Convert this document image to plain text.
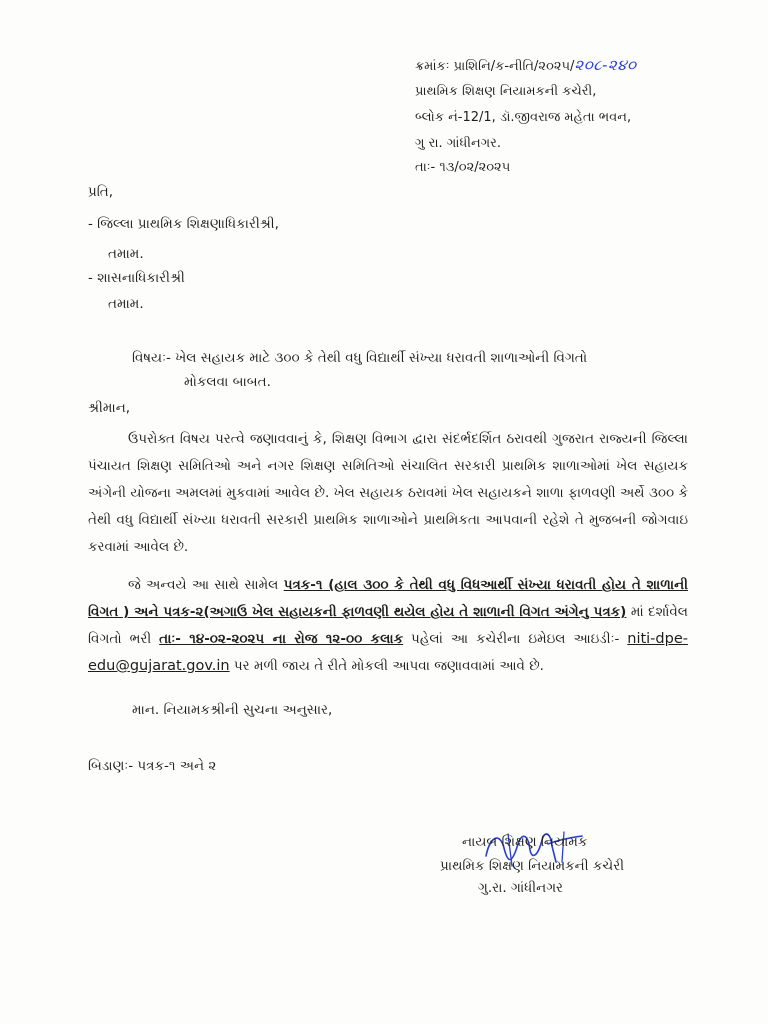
ક્રમાંકઃ પ્રાશિનિ/ક-નીતિ/૨૦૨૫/૨૦૮-૨૪૦
પ્રાથમિક શિક્ષણ નિયામકની કચેરી,
બ્લોક નં-12/1, ડૉ.જીવરાજ મહેતા ભવન,
ગુ રા. ગાંધીનગર.
તાઃ- ૧૩/૦૨/૨૦૨૫
પ્રતિ,
- જિલ્લા પ્રાથમિક શિક્ષણાધિકારીશ્રી,
તમામ.
- શાસનાધિકારીશ્રી
તમામ.
વિષયઃ- ખેલ સહાયક માટે ૩૦૦ કે તેથી વધુ વિદ્યાર્થી સંખ્યા ધરાવતી શાળાઓની વિગતો
મોકલવા બાબત.
શ્રીમાન,
ઉપરોક્ત વિષય પરત્વે જણાવવાનું કે, શિક્ષણ વિભાગ દ્વારા સંદર્ભદર્શિત ઠરાવથી ગુજરાત રાજ્યની જિલ્લા પંચાયત શિક્ષણ સમિતિઓ અને નગર શિક્ષણ સમિતિઓ સંચાલિત સરકારી પ્રાથમિક શાળાઓમાં ખેલ સહાયક અંગેની યોજના અમલમાં મુકવામાં આવેલ છે. ખેલ સહાયક ઠરાવમાં ખેલ સહાયકને શાળા ફાળવણી અર્થે ૩૦૦ કે તેથી વધુ વિદ્યાર્થી સંખ્યા ધરાવતી સરકારી પ્રાથમિક શાળાઓને પ્રાથમિકતા આપવાની રહેશે તે મુજબની જોગવાઇ કરવામાં આવેલ છે.
જે અન્વયે આ સાથે સામેલ પત્રક-૧ (હાલ ૩૦૦ કે તેથી વધુ વિધઆર્થી સંખ્યા ધરાવતી હોય તે શાળાની વિગત ) અને પત્રક-૨(અગાઉ ખેલ સહાયકની ફાળવણી થયેલ હોય તે શાળાની વિગત અંગેનુ પત્રક) માં દર્શાવેલ વિગતો ભરી તાઃ- ૧૪-૦૨-૨૦૨૫ ના રોજ ૧૨-૦૦ કલાક પહેલાં આ કચેરીના ઇમેઇલ આઇડીઃ- niti-dpe-edu@gujarat.gov.in પર મળી જાય તે રીતે મોકલી આપવા જણાવવામાં આવે છે.
માન. નિયામકશ્રીની સુચના અનુસાર,
બિડાણઃ- પત્રક-૧ અને ૨
નાયબ શિક્ષણ નિયામક
પ્રાથમિક શિક્ષણ નિયામકની કચેરી
ગુ.રા. ગાંધીનગર
